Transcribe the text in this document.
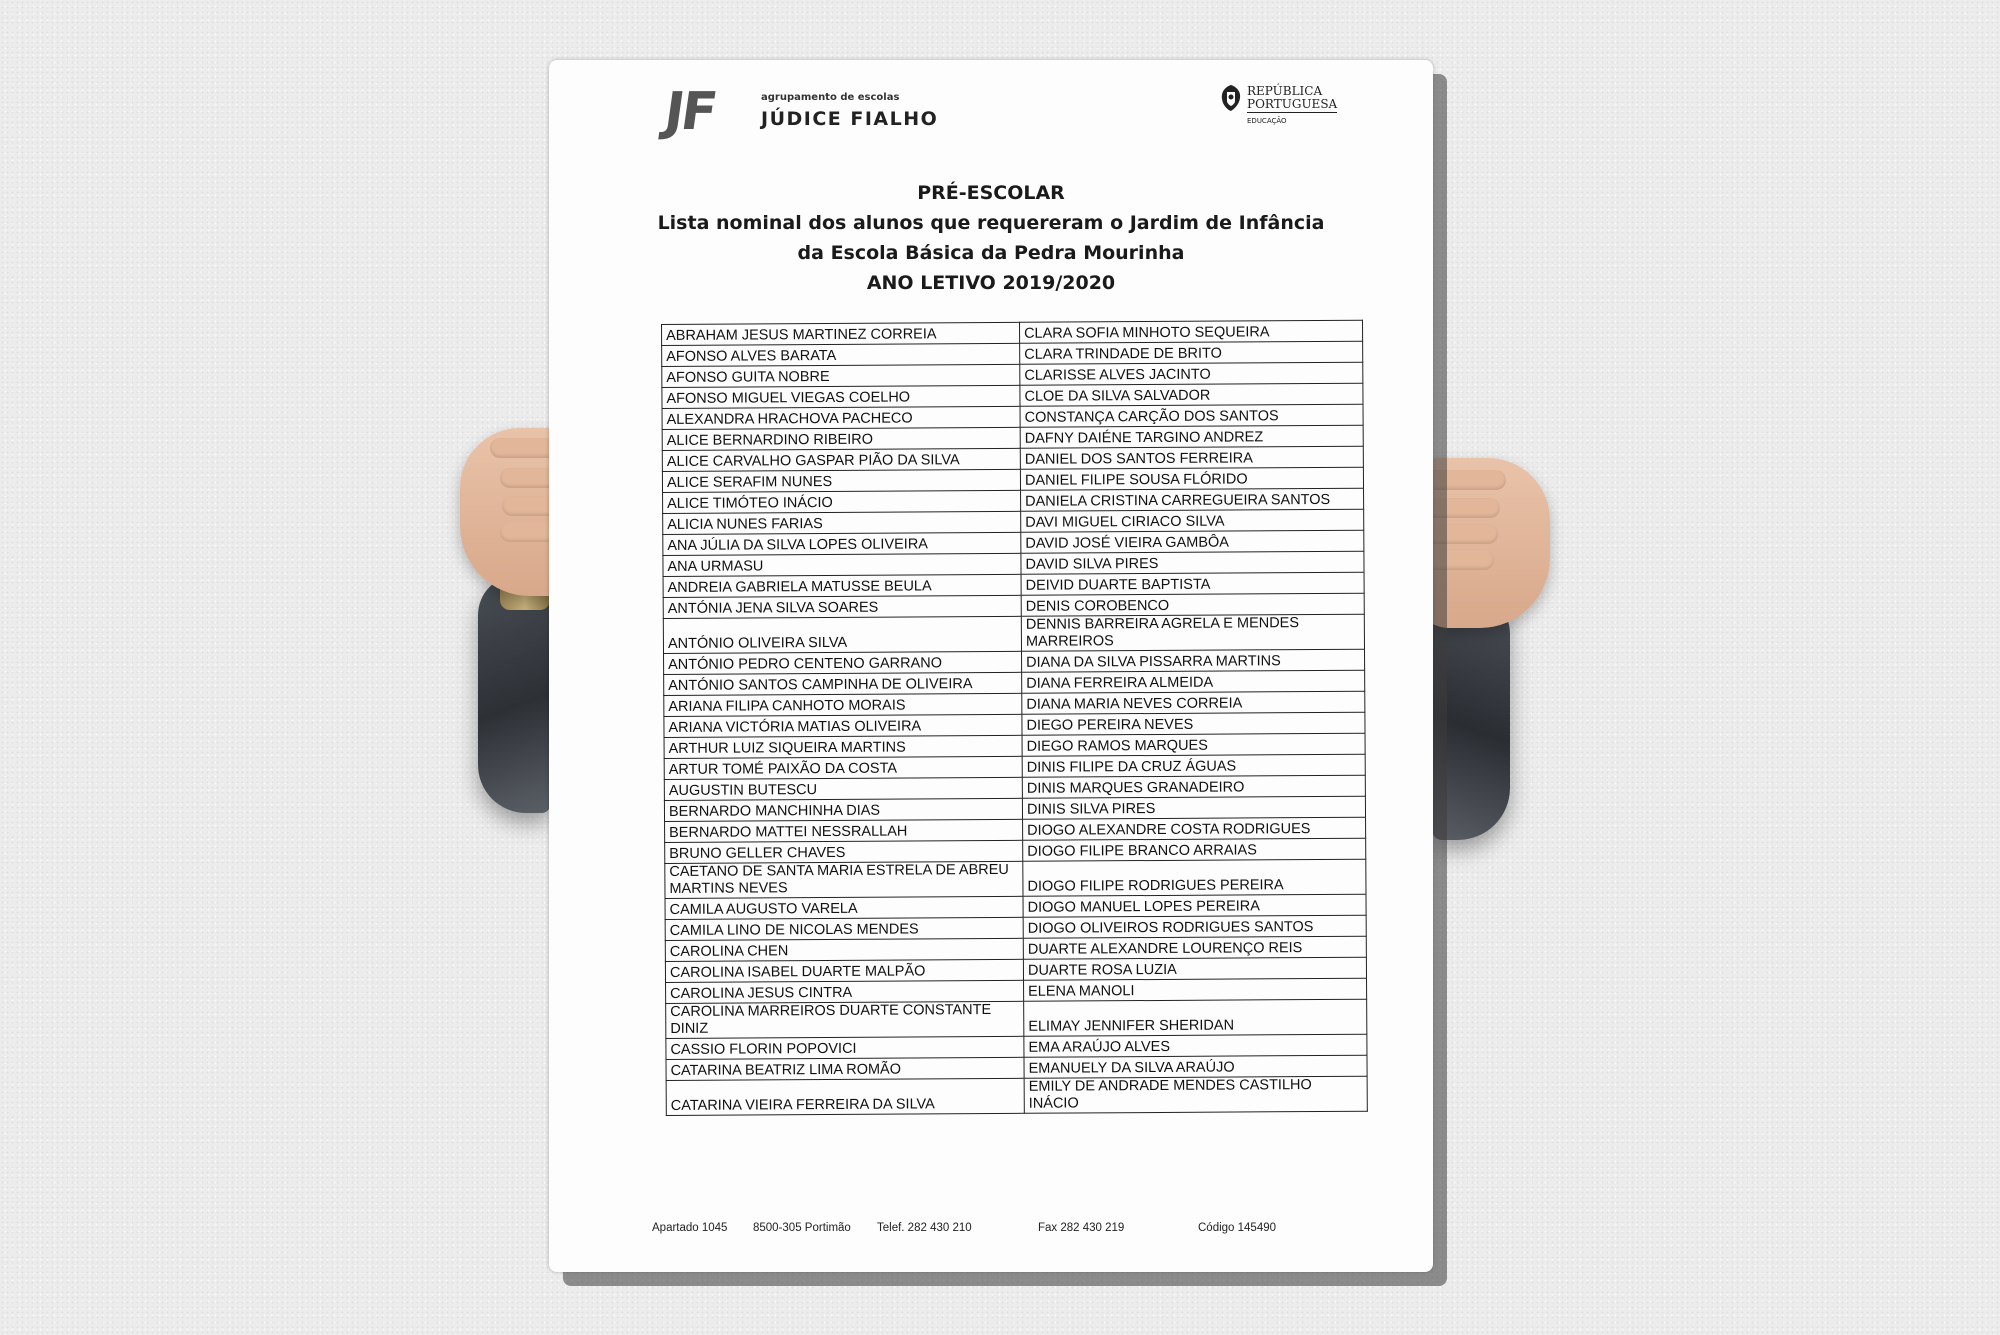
JF	agrupamento de escolas
JÚDICE FIALHO
REPÚBLICA
PORTUGUESA
EDUCAÇÃO
PRÉ-ESCOLAR
Lista nominal dos alunos que requereram o Jardim de Infância
da Escola Básica da Pedra Mourinha
ANO LETIVO 2019/2020
ABRAHAM JESUS MARTINEZ CORREIA	CLARA SOFIA MINHOTO SEQUEIRA
AFONSO ALVES BARATA	CLARA TRINDADE DE BRITO
AFONSO GUITA NOBRE	CLARISSE ALVES JACINTO
AFONSO MIGUEL VIEGAS COELHO	CLOE DA SILVA SALVADOR
ALEXANDRA HRACHOVA PACHECO	CONSTANÇA CARÇÃO DOS SANTOS
ALICE BERNARDINO RIBEIRO	DAFNY DAIÉNE TARGINO ANDREZ
ALICE CARVALHO GASPAR PIÃO DA SILVA	DANIEL DOS SANTOS FERREIRA
ALICE SERAFIM NUNES	DANIEL FILIPE SOUSA FLÓRIDO
ALICE TIMÓTEO INÁCIO	DANIELA CRISTINA CARREGUEIRA SANTOS
ALICIA NUNES FARIAS	DAVI MIGUEL CIRIACO SILVA
ANA JÚLIA DA SILVA LOPES OLIVEIRA	DAVID JOSÉ VIEIRA GAMBÔA
ANA URMASU	DAVID SILVA PIRES
ANDREIA GABRIELA MATUSSE BEULA	DEIVID DUARTE BAPTISTA
ANTÓNIA JENA SILVA SOARES	DENIS COROBENCO
ANTÓNIO OLIVEIRA SILVA	DENNIS BARREIRA AGRELA E MENDES MARREIROS
ANTÓNIO PEDRO CENTENO GARRANO	DIANA DA SILVA PISSARRA MARTINS
ANTÓNIO SANTOS CAMPINHA DE OLIVEIRA	DIANA FERREIRA ALMEIDA
ARIANA FILIPA CANHOTO MORAIS	DIANA MARIA NEVES CORREIA
ARIANA VICTÓRIA MATIAS OLIVEIRA	DIEGO PEREIRA NEVES
ARTHUR LUIZ SIQUEIRA MARTINS	DIEGO RAMOS MARQUES
ARTUR TOMÉ PAIXÃO DA COSTA	DINIS FILIPE DA CRUZ ÁGUAS
AUGUSTIN BUTESCU	DINIS MARQUES GRANADEIRO
BERNARDO MANCHINHA DIAS	DINIS SILVA PIRES
BERNARDO MATTEI NESSRALLAH	DIOGO ALEXANDRE COSTA RODRIGUES
BRUNO GELLER CHAVES	DIOGO FILIPE BRANCO ARRAIAS
CAETANO DE SANTA MARIA ESTRELA DE ABREU MARTINS NEVES	DIOGO FILIPE RODRIGUES PEREIRA
CAMILA AUGUSTO VARELA	DIOGO MANUEL LOPES PEREIRA
CAMILA LINO DE NICOLAS MENDES	DIOGO OLIVEIROS RODRIGUES SANTOS
CAROLINA CHEN	DUARTE ALEXANDRE LOURENÇO REIS
CAROLINA ISABEL DUARTE MALPÃO	DUARTE ROSA LUZIA
CAROLINA JESUS CINTRA	ELENA MANOLI
CAROLINA MARREIROS DUARTE CONSTANTE DINIZ	ELIMAY JENNIFER SHERIDAN
CASSIO FLORIN POPOVICI	EMA ARAÚJO ALVES
CATARINA BEATRIZ LIMA ROMÃO	EMANUELY DA SILVA ARAÚJO
CATARINA VIEIRA FERREIRA DA SILVA	EMILY DE ANDRADE MENDES CASTILHO INÁCIO
Apartado 1045 8500-305 Portimão Telef. 282 430 210	Fax 282 430 219	Código 145490
